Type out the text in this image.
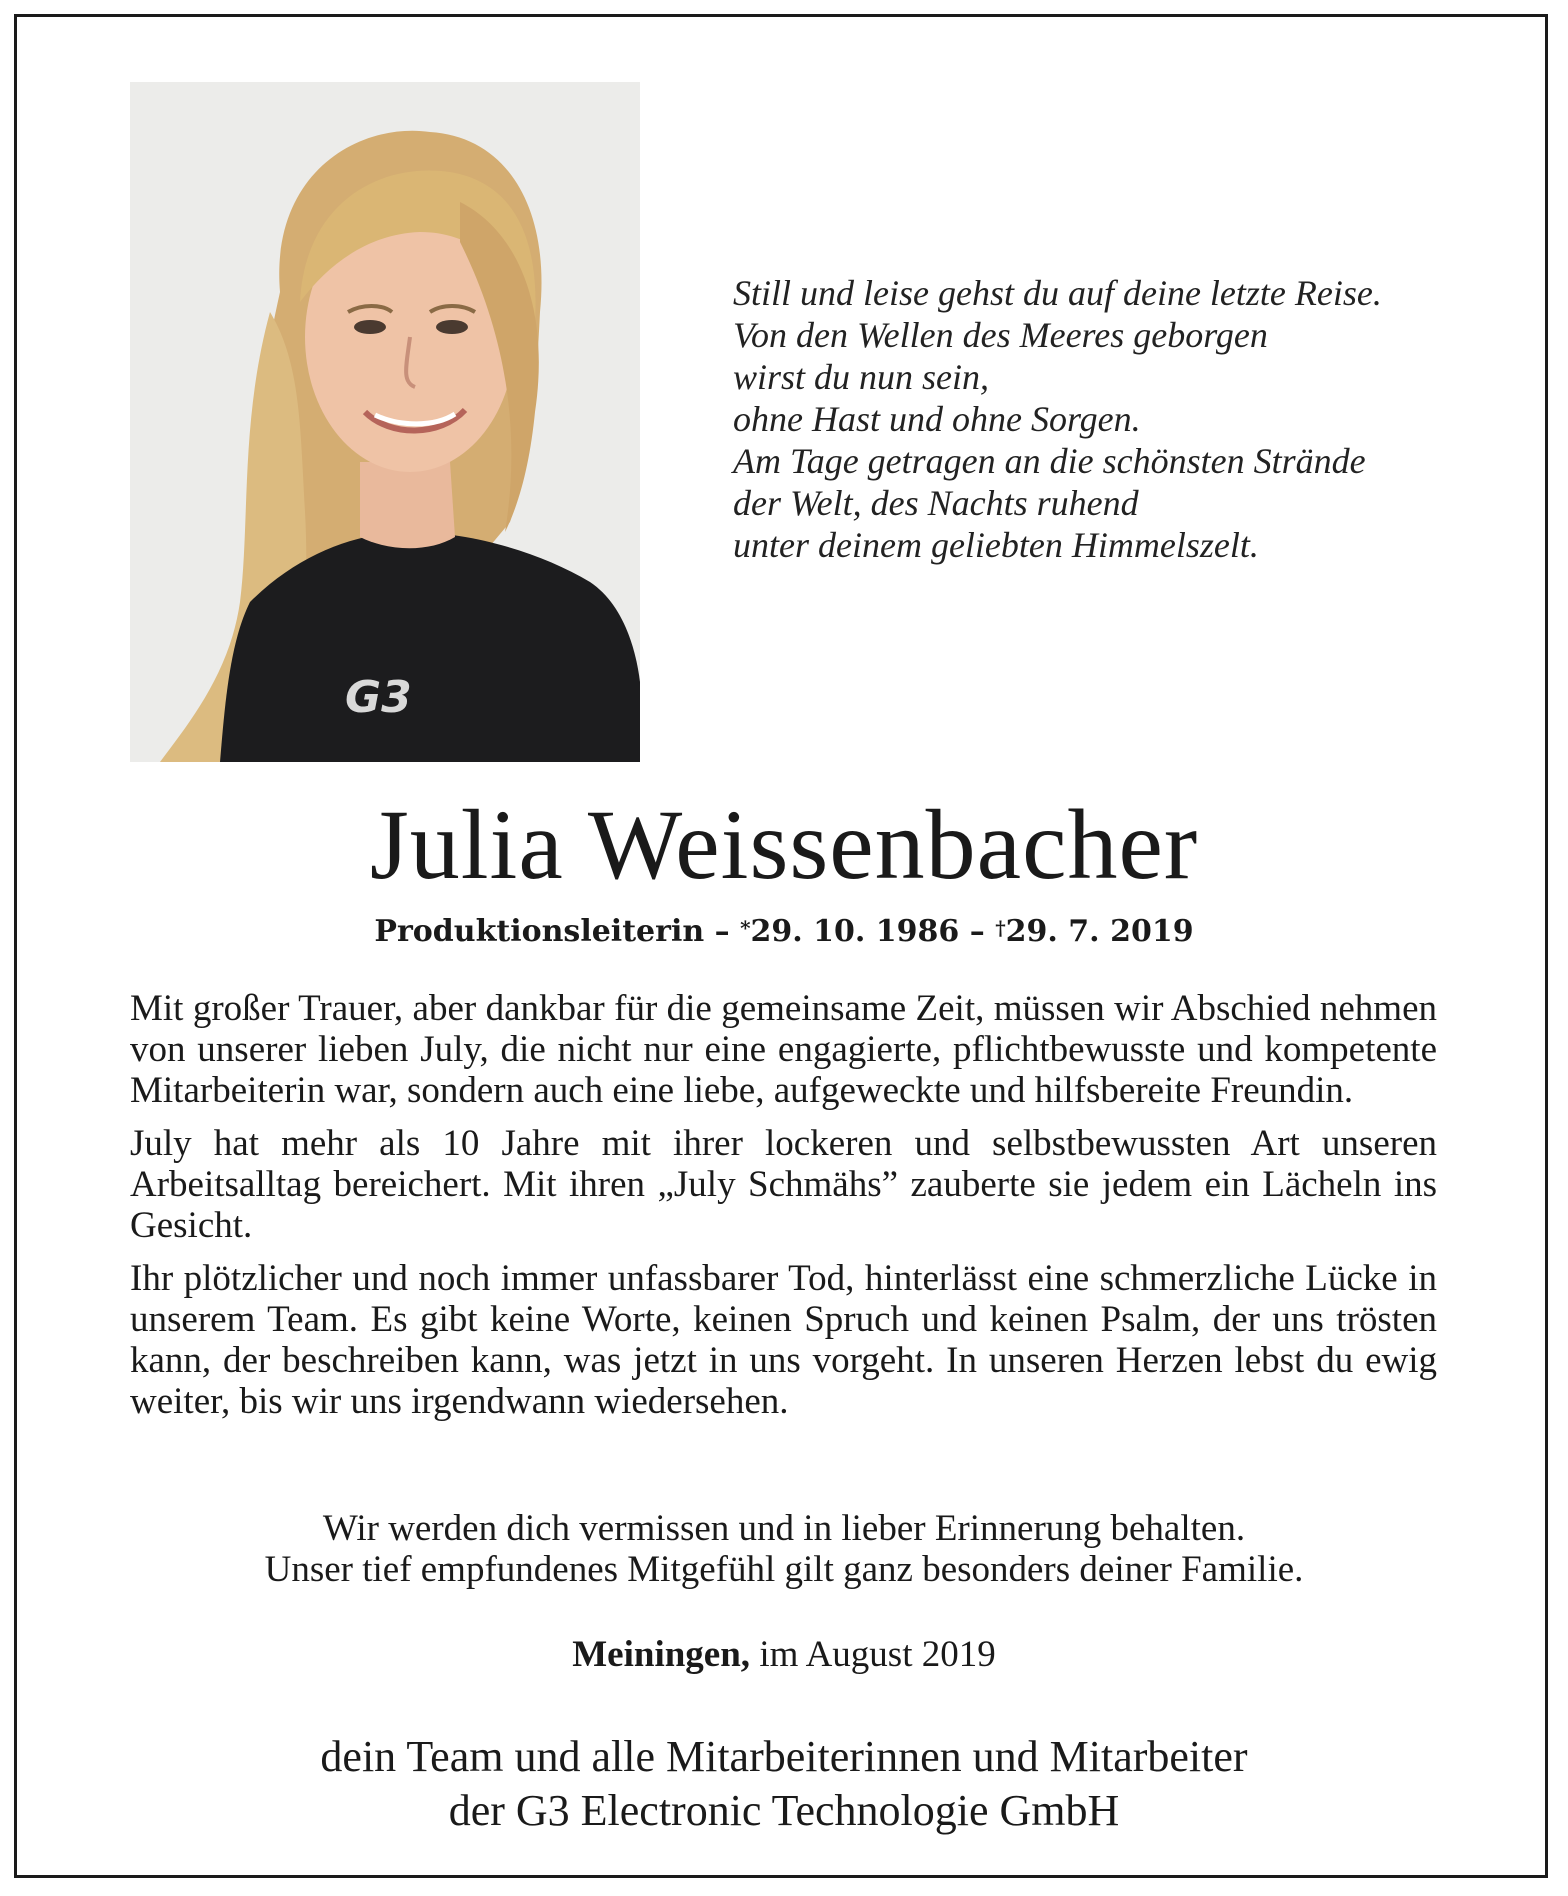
G3
Still und leise gehst du auf deine letzte Reise.
Von den Wellen des Meeres geborgen
wirst du nun sein,
ohne Hast und ohne Sorgen.
Am Tage getragen an die schönsten Strände
der Welt, des Nachts ruhend
unter deinem geliebten Himmelszelt.
Julia Weissenbacher
Produktionsleiterin – *29. 10. 1986 – †29. 7. 2019

Mit großer Trauer, aber dankbar für die gemeinsame Zeit, müssen wir Abschied nehmen von unserer lieben July, die nicht nur eine engagierte, pflichtbewusste und kompetente Mitarbeiterin war, sondern auch eine liebe, aufgeweckte und hilfsbereite Freundin.

July hat mehr als 10 Jahre mit ihrer lockeren und selbstbewussten Art unseren Arbeitsalltag bereichert. Mit ihren „July Schmähs” zauberte sie jedem ein Lächeln ins Gesicht.

Ihr plötzlicher und noch immer unfassbarer Tod, hinterlässt eine schmerzliche Lücke in unserem Team. Es gibt keine Worte, keinen Spruch und keinen Psalm, der uns trösten kann, der beschreiben kann, was jetzt in uns vorgeht. In unseren Herzen lebst du ewig weiter, bis wir uns irgendwann wiedersehen.

Wir werden dich vermissen und in lieber Erinnerung behalten.
Unser tief empfundenes Mitgefühl gilt ganz besonders deiner Familie.
Meiningen, im August 2019
dein Team und alle Mitarbeiterinnen und Mitarbeiter
der G3 Electronic Technologie GmbH
